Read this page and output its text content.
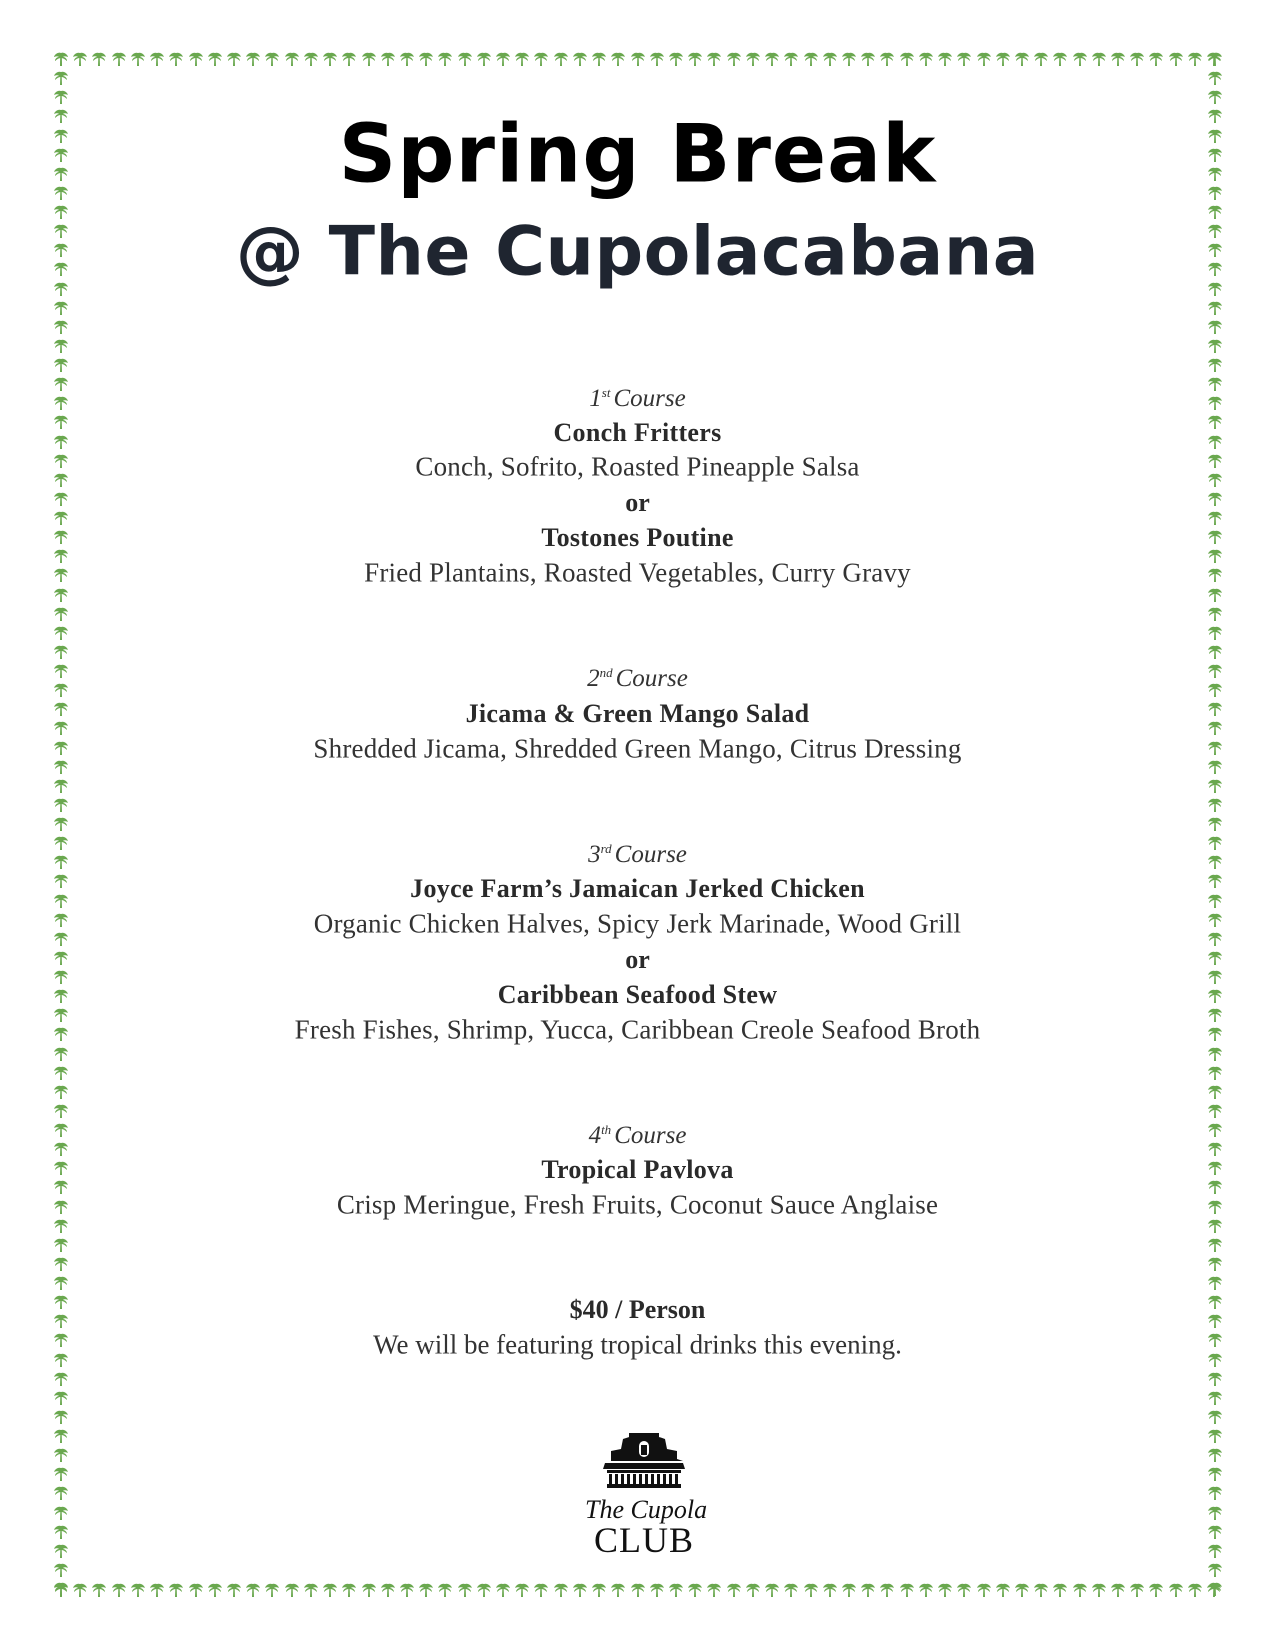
Spring Break
@ The Cupolacabana
1st Course
Conch Fritters
Conch, Sofrito, Roasted Pineapple Salsa
or
Tostones Poutine
Fried Plantains, Roasted Vegetables, Curry Gravy
2nd Course
Jicama & Green Mango Salad
Shredded Jicama, Shredded Green Mango, Citrus Dressing
3rd Course
Joyce Farm’s Jamaican Jerked Chicken
Organic Chicken Halves, Spicy Jerk Marinade, Wood Grill
or
Caribbean Seafood Stew
Fresh Fishes, Shrimp, Yucca, Caribbean Creole Seafood Broth
4th Course
Tropical Pavlova
Crisp Meringue, Fresh Fruits, Coconut Sauce Anglaise
$40 / Person
We will be featuring tropical drinks this evening.
The Cupola
CLUB
